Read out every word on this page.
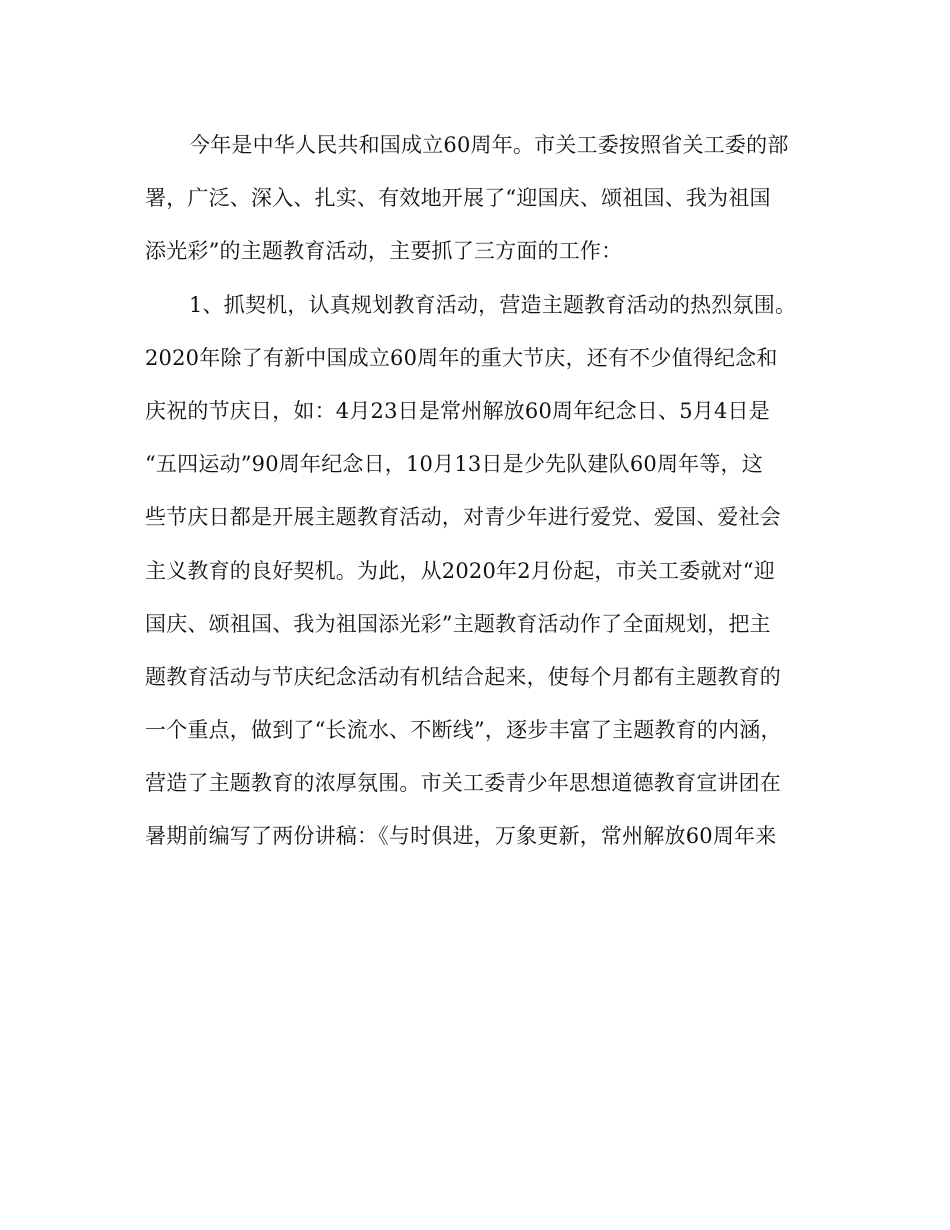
今年是中华人民共和国成立60周年。市关工委按照省关工委的部
署，广泛、深入、扎实、有效地开展了“迎国庆、颂祖国、我为祖国
添光彩”的主题教育活动，主要抓了三方面的工作：
1、抓契机，认真规划教育活动，营造主题教育活动的热烈氛围。
2020年除了有新中国成立60周年的重大节庆，还有不少值得纪念和
庆祝的节庆日，如：4月23日是常州解放60周年纪念日、5月4日是
“五四运动”90周年纪念日，10月13日是少先队建队60周年等，这
些节庆日都是开展主题教育活动，对青少年进行爱党、爱国、爱社会
主义教育的良好契机。为此，从2020年2月份起，市关工委就对“迎
国庆、颂祖国、我为祖国添光彩”主题教育活动作了全面规划，把主
题教育活动与节庆纪念活动有机结合起来，使每个月都有主题教育的
一个重点，做到了“长流水、不断线”，逐步丰富了主题教育的内涵，
营造了主题教育的浓厚氛围。市关工委青少年思想道德教育宣讲团在
暑期前编写了两份讲稿：《与时俱进，万象更新，常州解放60周年来
